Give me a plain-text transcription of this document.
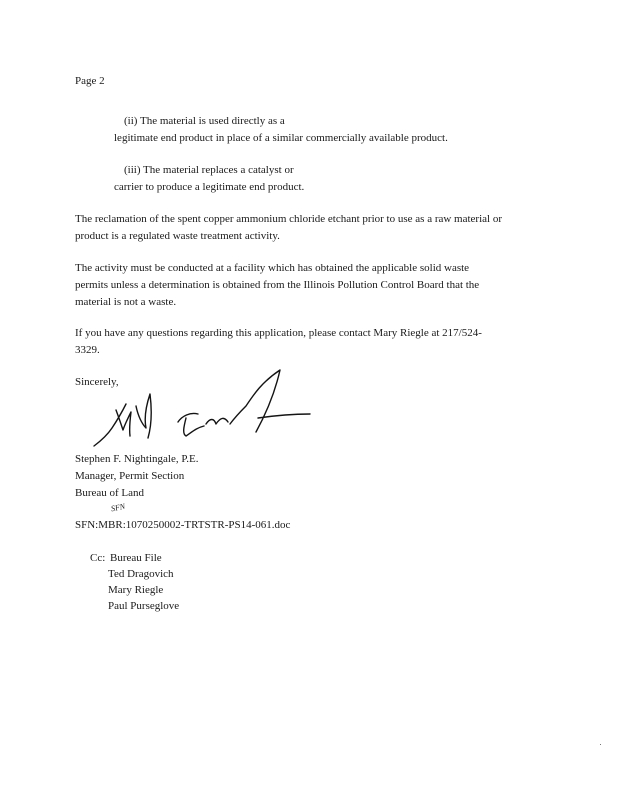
Page 2
(ii) The material is used directly as a
legitimate end product in place of a similar commercially available product.
(iii) The material replaces a catalyst or
carrier to produce a legitimate end product.
The reclamation of the spent copper ammonium chloride etchant prior to use as a raw material or
product is a regulated waste treatment activity.
The activity must be conducted at a facility which has obtained the applicable solid waste
permits unless a determination is obtained from the Illinois Pollution Control Board that the
material is not a waste.
If you have any questions regarding this application, please contact Mary Riegle at 217/524-
3329.
Sincerely,
Stephen F. Nightingale, P.E.
Manager, Permit Section
Bureau of Land
SFN:MBR:1070250002-TRTSTR-PS14-061.doc
SFN
Cc: Bureau File
Ted Dragovich
Mary Riegle
Paul Purseglove
